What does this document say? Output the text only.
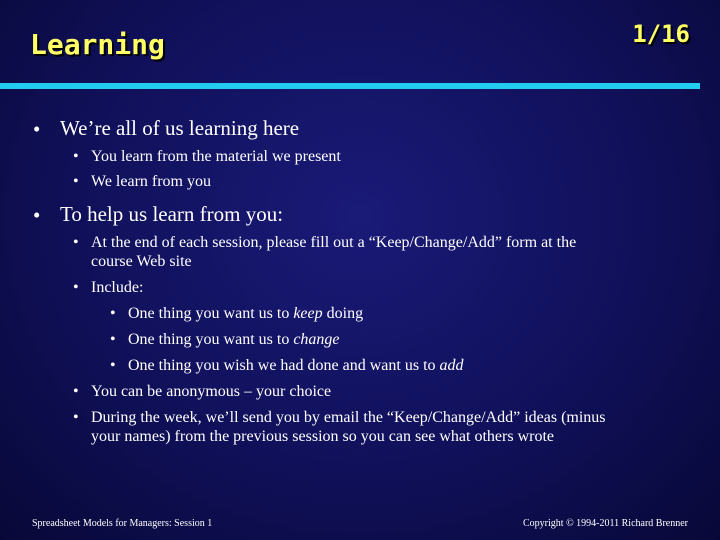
Learning	1/16
• We’re all of us learning here
• You learn from the material we present
• We learn from you
• To help us learn from you:
• At the end of each session, please fill out a “Keep/Change/Add” form at the
course Web site
• Include:
• One thing you want us to keep doing
• One thing you want us to change
• One thing you wish we had done and want us to add
• You can be anonymous – your choice
• During the week, we’ll send you by email the “Keep/Change/Add” ideas (minus
your names) from the previous session so you can see what others wrote
Spreadsheet Models for Managers: Session 1	Copyright © 1994-2011 Richard Brenner
